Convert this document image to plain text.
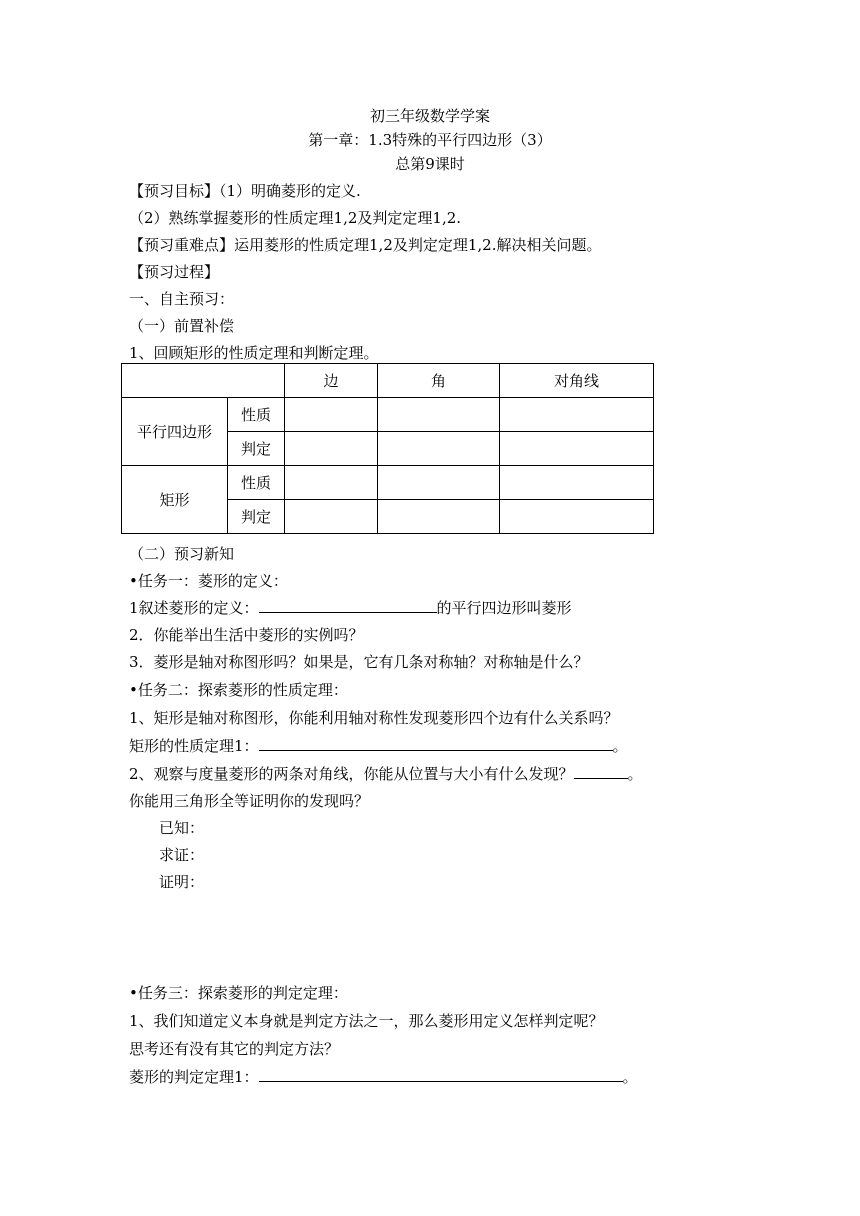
初三年级数学学案
第一章：1.3特殊的平行四边形（3）
总第9课时
【预习目标】（1）明确菱形的定义.
（2）熟练掌握菱形的性质定理1,2及判定定理1,2.
【预习重难点】运用菱形的性质定理1,2及判定定理1,2.解决相关问题。
【预习过程】
一、自主预习：
（一）前置补偿
1、回顾矩形的性质定理和判断定理。
		边	角	对角线
平行四边形	性质			
	判定			
矩形	性质			
	判定			
（二）预习新知
•任务一：菱形的定义：
1叙述菱形的定义：	的平行四边形叫菱形
2．你能举出生活中菱形的实例吗？
3．菱形是轴对称图形吗？如果是，它有几条对称轴？对称轴是什么？
•任务二：探索菱形的性质定理：
1、矩形是轴对称图形，你能利用轴对称性发现菱形四个边有什么关系吗？
矩形的性质定理1：	。
2、观察与度量菱形的两条对角线，你能从位置与大小有什么发现？	。
你能用三角形全等证明你的发现吗？
已知：
求证：
证明：
•任务三：探索菱形的判定定理：
1、我们知道定义本身就是判定方法之一，那么菱形用定义怎样判定呢？
思考还有没有其它的判定方法？
菱形的判定定理1：	。
